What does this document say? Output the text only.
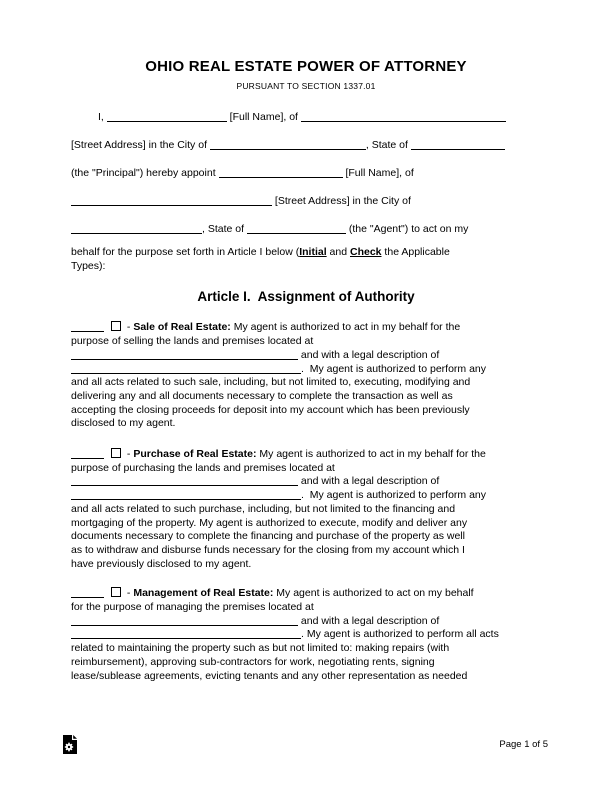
OHIO REAL ESTATE POWER OF ATTORNEY
PURSUANT TO SECTION 1337.01
I,	[Full Name], of
[Street Address] in the City of	, State of
(the "Principal") hereby appoint	[Full Name], of
[Street Address] in the City of
, State of	(the "Agent") to act on my
behalf for the purpose set forth in Article I below (Initial and Check the Applicable
Types):
Article I.  Assignment of Authority
- Sale of Real Estate: My agent is authorized to act in my behalf for the
purpose of selling the lands and premises located at
and with a legal description of
.  My agent is authorized to perform any
and all acts related to such sale, including, but not limited to, executing, modifying and
delivering any and all documents necessary to complete the transaction as well as
accepting the closing proceeds for deposit into my account which has been previously
disclosed to my agent.
- Purchase of Real Estate: My agent is authorized to act in my behalf for the
purpose of purchasing the lands and premises located at
and with a legal description of
.  My agent is authorized to perform any
and all acts related to such purchase, including, but not limited to the financing and
mortgaging of the property. My agent is authorized to execute, modify and deliver any
documents necessary to complete the financing and purchase of the property as well
as to withdraw and disburse funds necessary for the closing from my account which I
have previously disclosed to my agent.
- Management of Real Estate: My agent is authorized to act on my behalf
for the purpose of managing the premises located at
and with a legal description of
. My agent is authorized to perform all acts
related to maintaining the property such as but not limited to: making repairs (with
reimbursement), approving sub-contractors for work, negotiating rents, signing
lease/sublease agreements, evicting tenants and any other representation as needed
Page 1 of 5
